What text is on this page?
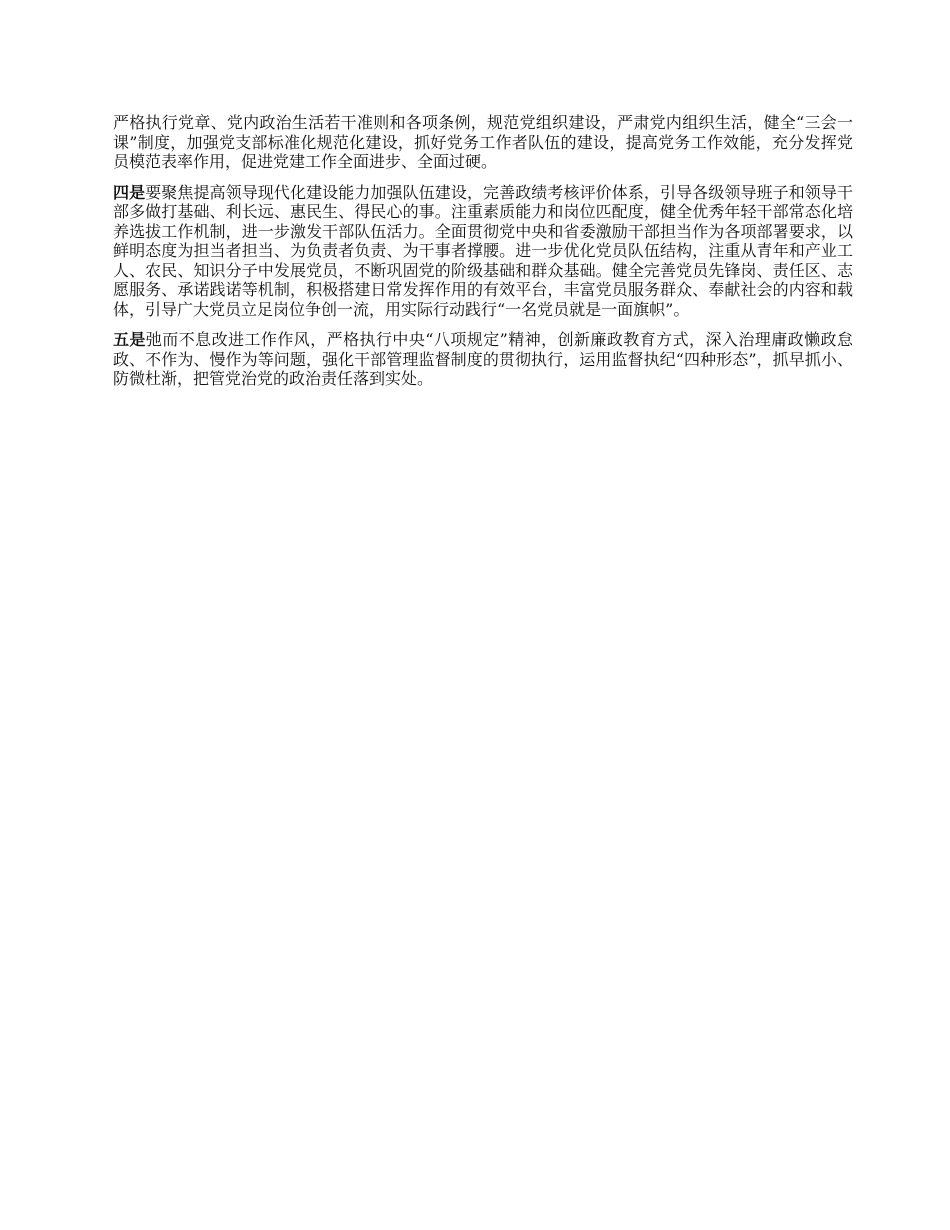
严格执行党章、党内政治生活若干准则和各项条例，规范党组织建设，严肃党内组织生活，健全“三会一课”制度，加强党支部标准化规范化建设，抓好党务工作者队伍的建设，提高党务工作效能，充分发挥党员模范表率作用，促进党建工作全面进步、全面过硬。

四是要聚焦提高领导现代化建设能力加强队伍建设，完善政绩考核评价体系，引导各级领导班子和领导干部多做打基础、利长远、惠民生、得民心的事。注重素质能力和岗位匹配度，健全优秀年轻干部常态化培养选拔工作机制，进一步激发干部队伍活力。全面贯彻党中央和省委激励干部担当作为各项部署要求，以鲜明态度为担当者担当、为负责者负责、为干事者撑腰。进一步优化党员队伍结构，注重从青年和产业工人、农民、知识分子中发展党员，不断巩固党的阶级基础和群众基础。健全完善党员先锋岗、责任区、志愿服务、承诺践诺等机制，积极搭建日常发挥作用的有效平台，丰富党员服务群众、奉献社会的内容和载体，引导广大党员立足岗位争创一流，用实际行动践行“一名党员就是一面旗帜”。

五是弛而不息改进工作作风，严格执行中央“八项规定”精神，创新廉政教育方式，深入治理庸政懒政怠政、不作为、慢作为等问题，强化干部管理监督制度的贯彻执行，运用监督执纪“四种形态”，抓早抓小、防微杜渐，把管党治党的政治责任落到实处。
